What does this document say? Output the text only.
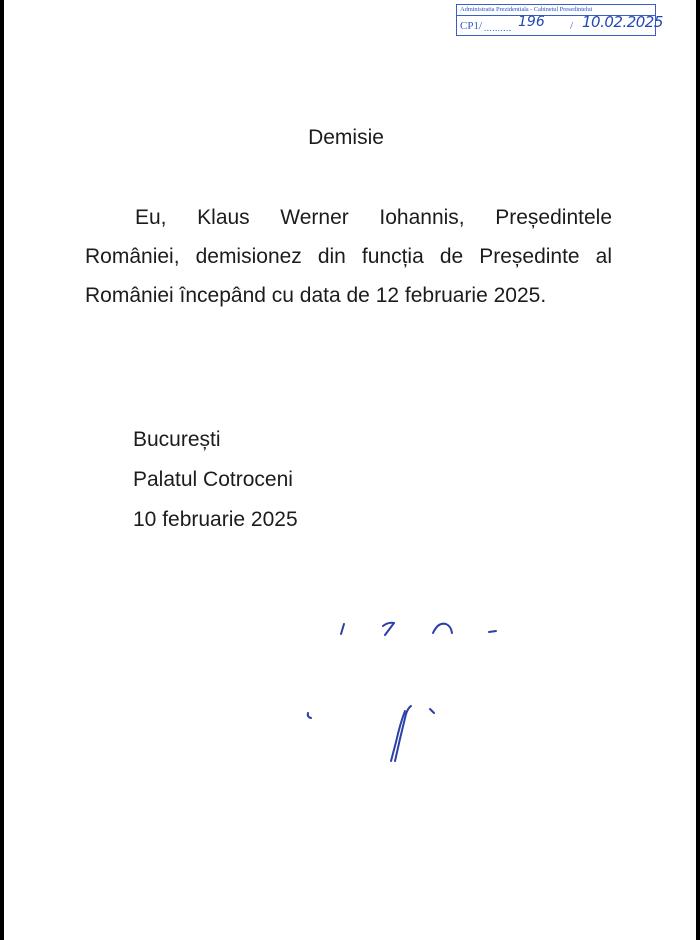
Administratia Prezidentiala - Cabinetul Presedintelui
CP1/ .......... 196 / 10.02.2025
Demisie

Eu, Klaus Werner Iohannis, Președintele României, demisionez din funcția de Președinte al României începând cu data de 12 februarie 2025.

București
Palatul Cotroceni
10 februarie 2025
